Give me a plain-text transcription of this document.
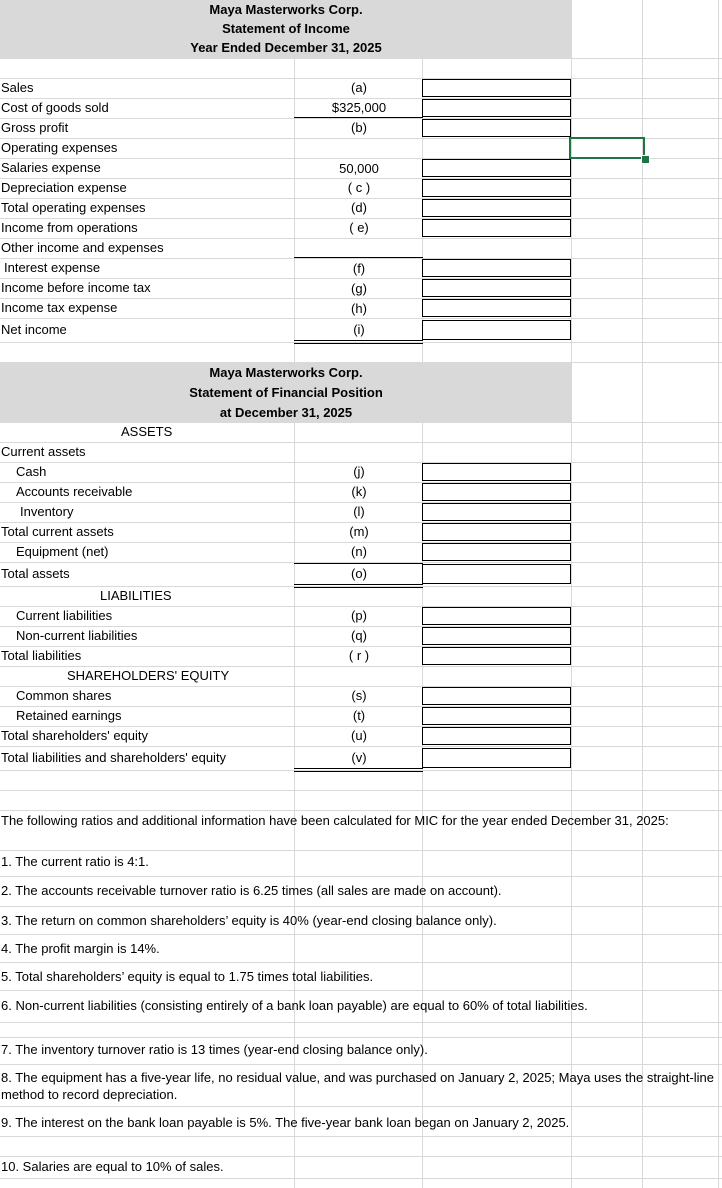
Maya Masterworks Corp.
Statement of Income
Year Ended December 31, 2025
Sales	(a)
Cost of goods sold	$325,000
Gross profit	(b)
Operating expenses
Salaries expense	50,000
Depreciation expense	( c )
Total operating expenses	(d)
Income from operations	( e)
Other income and expenses
Interest expense	(f)
Income before income tax	(g)
Income tax expense	(h)
Net income	(i)
Maya Masterworks Corp.
Statement of Financial Position
at December 31, 2025
ASSETS
Current assets
Cash	(j)
Accounts receivable	(k)
Inventory	(l)
Total current assets	(m)
Equipment (net)	(n)
Total assets	(o)
LIABILITIES
Current liabilities	(p)
Non-current liabilities	(q)
Total liabilities	( r )
SHAREHOLDERS' EQUITY
Common shares	(s)
Retained earnings	(t)
Total shareholders' equity	(u)
Total liabilities and shareholders' equity	(v)
The following ratios and additional information have been calculated for MIC for the year ended December 31, 2025:
1. The current ratio is 4:1.
2. The accounts receivable turnover ratio is 6.25 times (all sales are made on account).
3. The return on common shareholders’ equity is 40% (year-end closing balance only).
4. The profit margin is 14%.
5. Total shareholders’ equity is equal to 1.75 times total liabilities.
6. Non-current liabilities (consisting entirely of a bank loan payable) are equal to 60% of total liabilities.
7. The inventory turnover ratio is 13 times (year-end closing balance only).
8. The equipment has a five-year life, no residual value, and was purchased on January 2, 2025; Maya uses the straight-line method to record depreciation.
9. The interest on the bank loan payable is 5%. The five-year bank loan began on January 2, 2025.
10. Salaries are equal to 10% of sales.
